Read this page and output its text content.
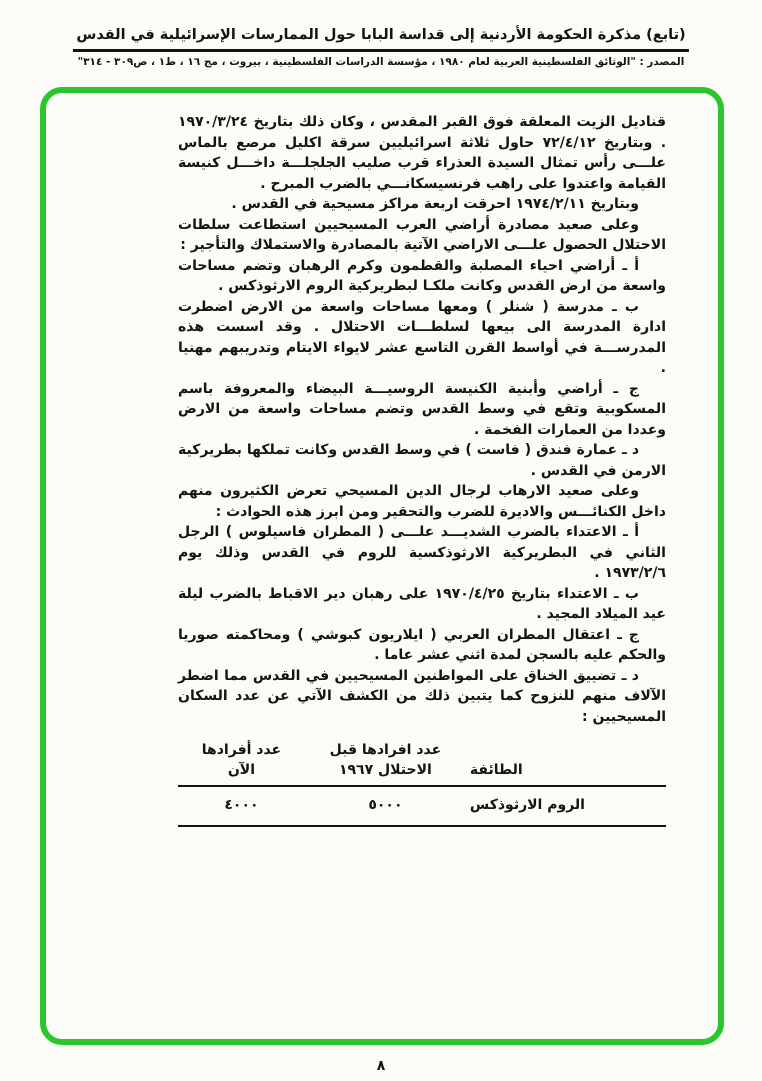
(تابع) مذكرة الحكومة الأردنية إلى قداسة البابا حول الممارسات الإسرائيلية في القدس
المصدر : "الوثائق الفلسطينية العربية لعام ١٩٨٠ ، مؤسسة الدراسات الفلسطينية ، بيروت ، مج ١٦ ، ط١ ، ص٣٠٩ - ٣١٤"

قناديل الزيت المعلقة فوق القبر المقدس ، وكان ذلك بتاريخ ١٩٧٠/٣/٢٤ . وبتاريخ ٧٢/٤/١٢ حاول ثلاثة اسرائيليين سرقة اكليل مرصع بالماس علـــى رأس تمثال السيدة العذراء قرب صليب الجلجلـــة داخـــل كنيسة القيامة واعتدوا على راهب فرنسيسكانـــي بالضرب المبرح .

وبتاريخ ١٩٧٤/٢/١١ احرقت اربعة مراكز مسيحية في القدس .

وعلى صعيد مصادرة أراضي العرب المسيحيين استطاعت سلطات الاحتلال الحصول علـــى الاراضي الآتية بالمصادرة والاستملاك والتأجير :

أ ـ أراضي احياء المصلبة والقطمون وكرم الرهبان وتضم مساحات واسعة من ارض القدس وكانت ملكـا لبطريركية الروم الارثوذكس .

ب ـ مدرسة ( شنلر ) ومعها مساحات واسعة من الارض اضطرت ادارة المدرسة الى بيعها لسلطـــات الاحتلال . وقد اسست هذه المدرســـة في أواسط القرن التاسع عشر لايواء الايتام وتدريبهم مهنيا .

ج ـ أراضي وأبنية الكنيسة الروسيـــة البيضاء والمعروفة باسم المسكوبية وتقع في وسط القدس وتضم مساحات واسعة من الارض وعددا من العمارات الفخمة .

د ـ عمارة فندق ( فاست ) في وسط القدس وكانت تملكها بطريركية الارمن في القدس .

وعلى صعيد الارهاب لرجال الدين المسيحي تعرض الكثيرون منهم داخل الكنائـــس والاديرة للضرب والتحقير ومن ابرز هذه الحوادث :

أ ـ الاعتداء بالضرب الشديـــد علـــى ( المطران فاسيلوس ) الرجل الثاني في البطريركية الارثوذكسية للروم في القدس وذلك يوم ١٩٧٣/٢/٦ .

ب ـ الاعتداء بتاريخ ١٩٧٠/٤/٢٥ على رهبان دير الاقباط بالضرب ليلة عيد الميلاد المجيد .

ج ـ اعتقال المطران العربي ( ايلاريون كبوشي ) ومحاكمته صوريا والحكم عليه بالسجن لمدة اثني عشر عاما .

د ـ تضييق الخناق على المواطنين المسيحيين في القدس مما اضطر الآلاف منهم للنزوح كما يتبين ذلك من الكشف الآتي عن عدد السكان المسيحيين :

الطائفة
عدد افرادها قبل
الاحتلال ١٩٦٧
عدد أفرادها
الآن
الروم الارثوذكس
٥٠٠٠
٤٠٠٠
٨
